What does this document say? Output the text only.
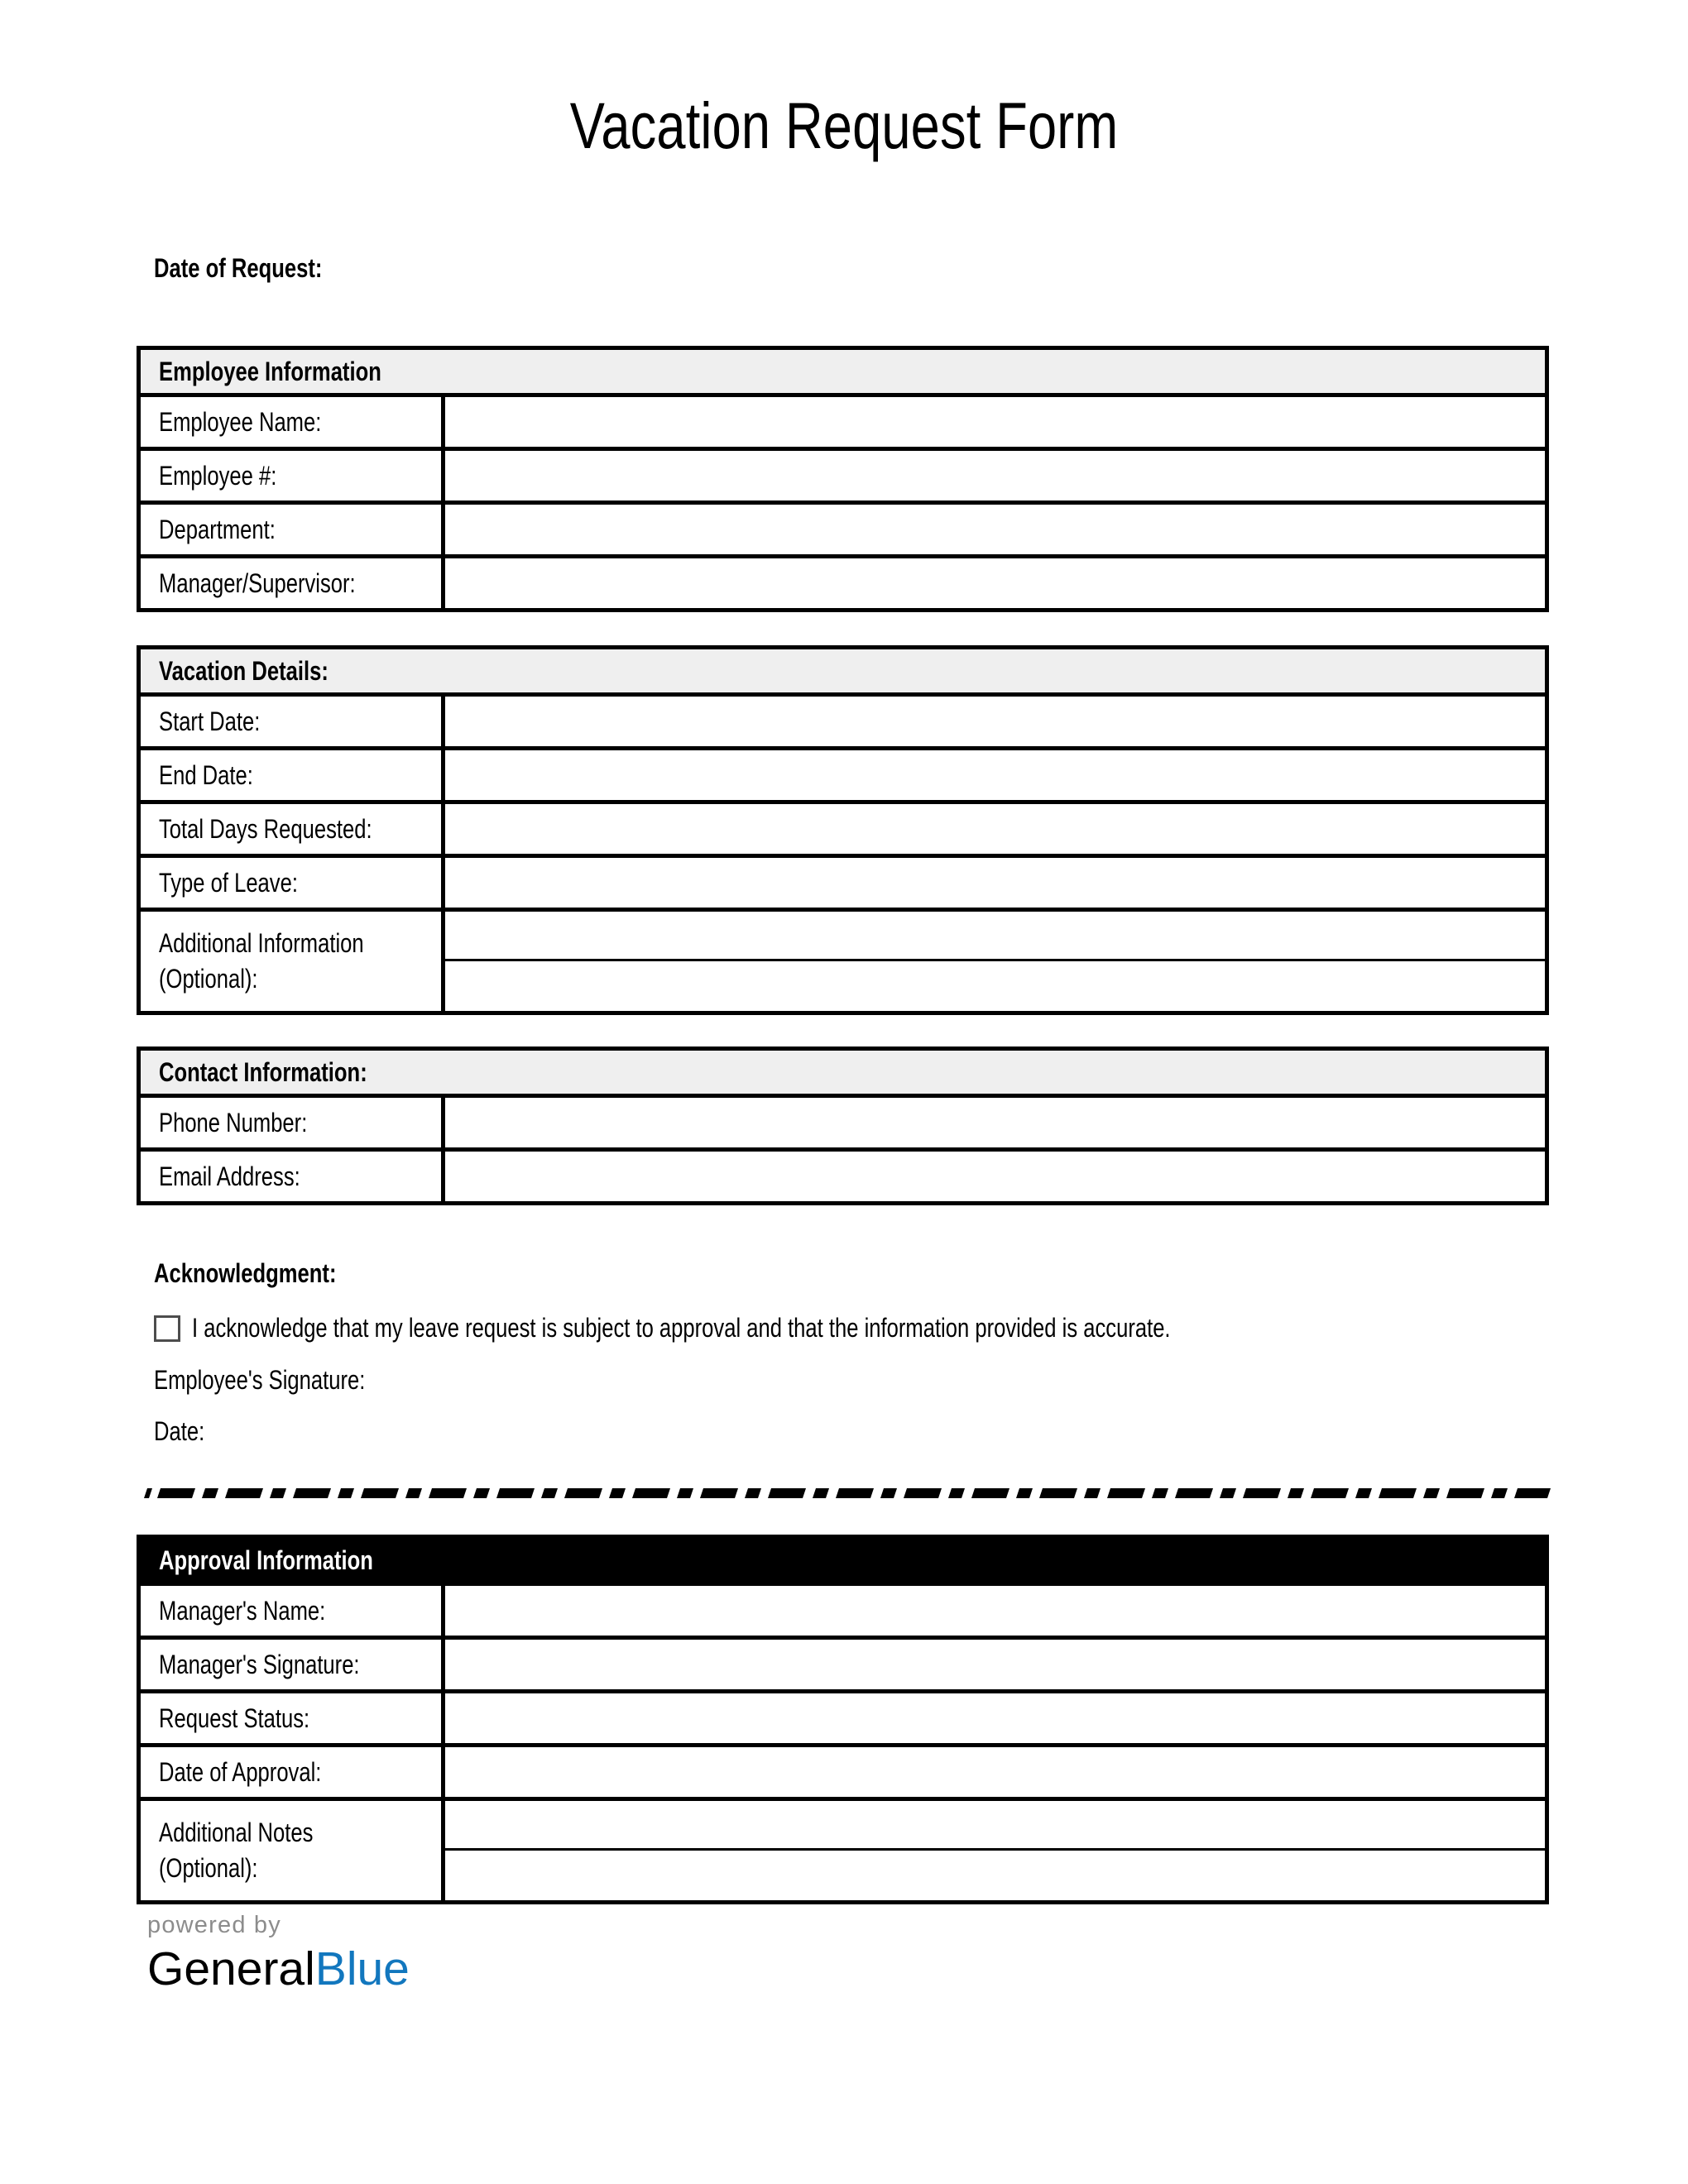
Vacation Request Form
Date of Request:
Employee Information
Employee Name:
Employee #:
Department:
Manager/Supervisor:
Vacation Details:
Start Date:
End Date:
Total Days Requested:
Type of Leave:
Additional Information
(Optional):
Contact Information:
Phone Number:
Email Address:
Acknowledgment:
I acknowledge that my leave request is subject to approval and that the information provided is accurate.
Employee's Signature:
Date:
Approval Information
Manager's Name:
Manager's Signature:
Request Status:
Date of Approval:
Additional Notes
(Optional):
powered by
GeneralBlue
